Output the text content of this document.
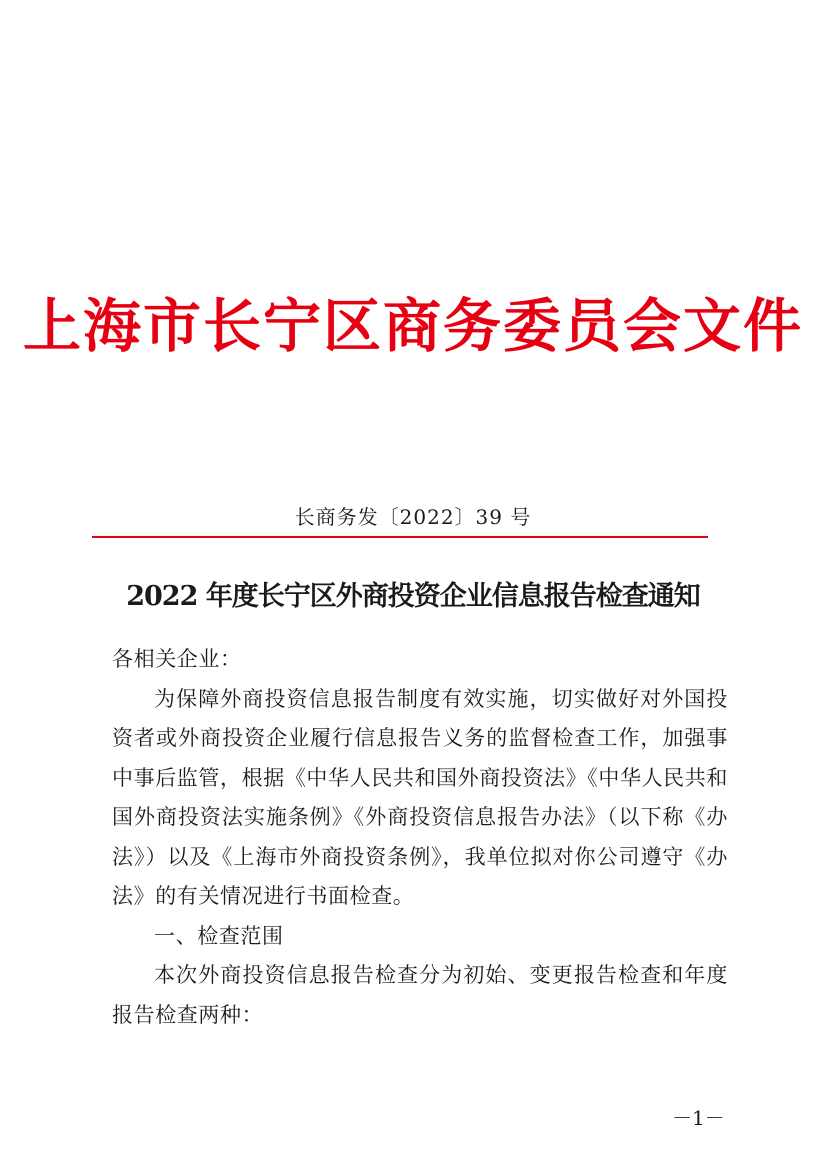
上海市长宁区商务委员会文件
长商务发〔2022〕39 号
2022 年度长宁区外商投资企业信息报告检查通知

各相关企业：

为保障外商投资信息报告制度有效实施，切实做好对外国投资者或外商投资企业履行信息报告义务的监督检查工作，加强事中事后监管，根据《中华人民共和国外商投资法》《中华人民共和国外商投资法实施条例》《外商投资信息报告办法》（以下称《办法》）以及《上海市外商投资条例》，我单位拟对你公司遵守《办法》的有关情况进行书面检查。

一、检查范围

本次外商投资信息报告检查分为初始、变更报告检查和年度报告检查两种：

－1－
